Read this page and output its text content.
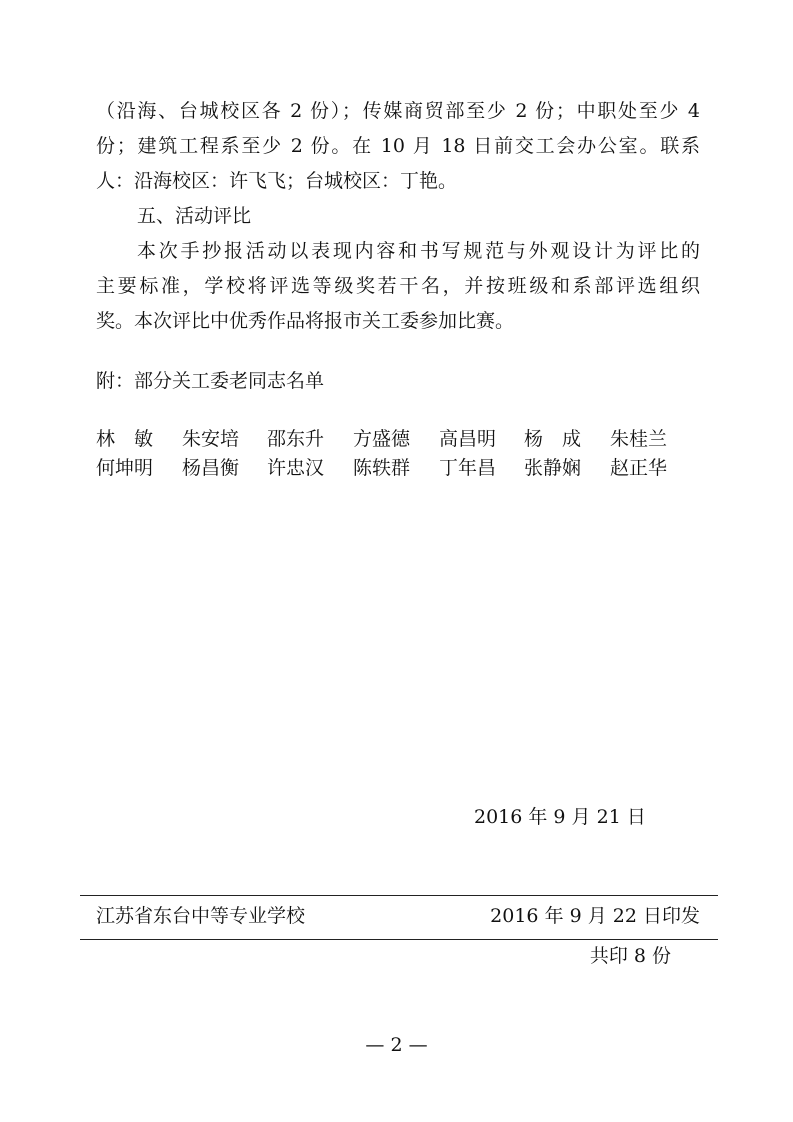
（沿海、台城校区各 2 份）；传媒商贸部至少 2 份；中职处至少 4
份；建筑工程系至少 2 份。在 10 月 18 日前交工会办公室。联系
人：沿海校区：许飞飞；台城校区：丁艳。
五、活动评比
本次手抄报活动以表现内容和书写规范与外观设计为评比的
主要标准，学校将评选等级奖若干名，并按班级和系部评选组织
奖。本次评比中优秀作品将报市关工委参加比赛。
附：部分关工委老同志名单
林　敏 朱安培 邵东升 方盛德 高昌明 杨　成 朱桂兰
何坤明 杨昌衡 许忠汉 陈轶群 丁年昌 张静娴 赵正华
2016 年 9 月 21 日
江苏省东台中等专业学校	2016 年 9 月 22 日印发
共印 8 份
— 2 —
